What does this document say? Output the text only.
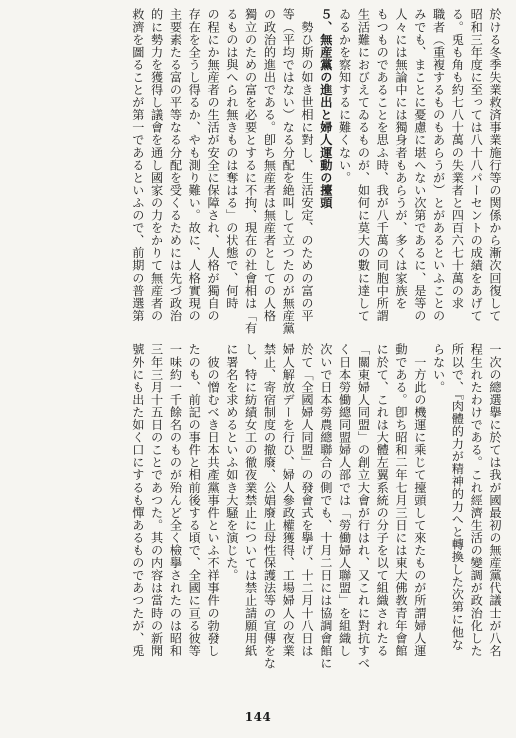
於ける冬季失業救済事業施行等の関係から漸次回復して
昭和三年度に至っては八十八パーセントの成績をあげて
る。兎も角も約七八十萬の失業者と四百六七十萬の求
職者（重複するものもあらうが）とがあるといふことの
みでも、まことに憂慮に堪へない次第であるに、是等の
人々には無論中には獨身者もあらうが、多くは家族を
もつものであることを思ふ時、我が八千萬の同胞中所謂
生活難におびえてゐるものが、如何に莫大の數に達して
ゐるかを察知するに難くない。
５、無産黨の進出と婦人運動の擡頭
　勢ひ斯の如き世相に對し、生活安定、のための富の平
等（平均ではない）なる分配を絶叫して立つたのが無産黨
の政治的進出である。卽ち無産者は無産者としての人格
獨立のための富を必要とするに不拘、現在の社會相は「有
るものは與へられ無きものは奪はる」の状態で、何時
の程にか無産者の生活が安全に保障され、人格が獨自の
存在を全うし得るか、やも測り難い。故に、人格實現の
主要素たる富の平等なる分配を受くるためには先づ政治
的に勢力を獲得し議會を通し國家の力をかりて無産者の
救濟を圖ることが第一であるといふので、前期の普選第
一次の總選擧に於ては我が國最初の無産黨代議士が八名
程生れたわけである。これ經濟生活の變調が政治化した
所以で、『肉體的力が精神的力へと轉換した次第に他な
らない。
　一方此の機運に乘じて擡頭して來たものが所謂婦人運
動である。卽ち昭和二年七月三日には東大佛教青年會館
に於て、これは大體左翼系統の分子を以て組織されたる
「關東婦人同盟」の創立大會が行はれ、又これに對抗すべ
く日本勞働總同盟婦人部では「勞働婦人聯盟」を組織し
次いで日本勞農總聯合の側でも、十月二日には協調會館に
於て「全國婦人同盟」の發會式を擧げ、十二月十八日は
婦人解放デーを行ひ、婦人參政權獲得、工場婦人の夜業
禁止、寄宿制度の撤廢、公娼廢止母性保護法等の宣傳をな
し、特に紡績女工の徹夜業禁止については禁止請願用紙
に署名を求めるといふ如き大騒を演じた。
　彼の憎むべき日本共產黨事件といふ不祥事件の勃發し
たのも、前記の事件と相前後する頃で、全國に亘る彼等
一味約一千餘名のものが殆んど全く檢擧されたのは昭和
三年三月十五日のことであつた。其の内容は當時の新聞
號外にも出た如く口にするも憚あるものであつたが、兎
144
